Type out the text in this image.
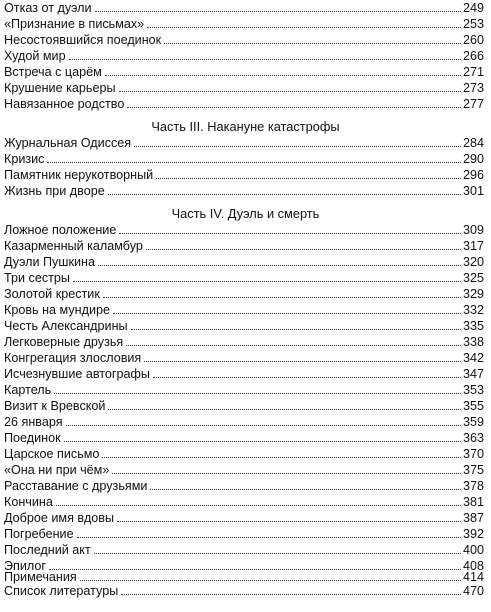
Отказ от дуэли	249
«Признание в письмах»	253
Несостоявшийся поединок	260
Худой мир	266
Встреча с царём	271
Крушение карьеры	273
Навязанное родство	277
Часть III. Накануне катастрофы
Журнальная Одиссея	284
Кризис	290
Памятник нерукотворный	296
Жизнь при дворе	301
Часть IV. Дуэль и смерть
Ложное положение	309
Казарменный каламбур	317
Дуэли Пушкина	320
Три сестры	325
Золотой крестик	329
Кровь на мундире	332
Честь Александрины	335
Легковерные друзья	338
Конгрегация злословия	342
Исчезнувшие автографы	347
Картель	353
Визит к Вревской	355
26 января	359
Поединок	363
Царское письмо	370
«Она ни при чём»	375
Расставание с друзьями	378
Кончина	381
Доброе имя вдовы	387
Погребение	392
Последний акт	400
Эпилог	408
Примечания	414
Список литературы	470
